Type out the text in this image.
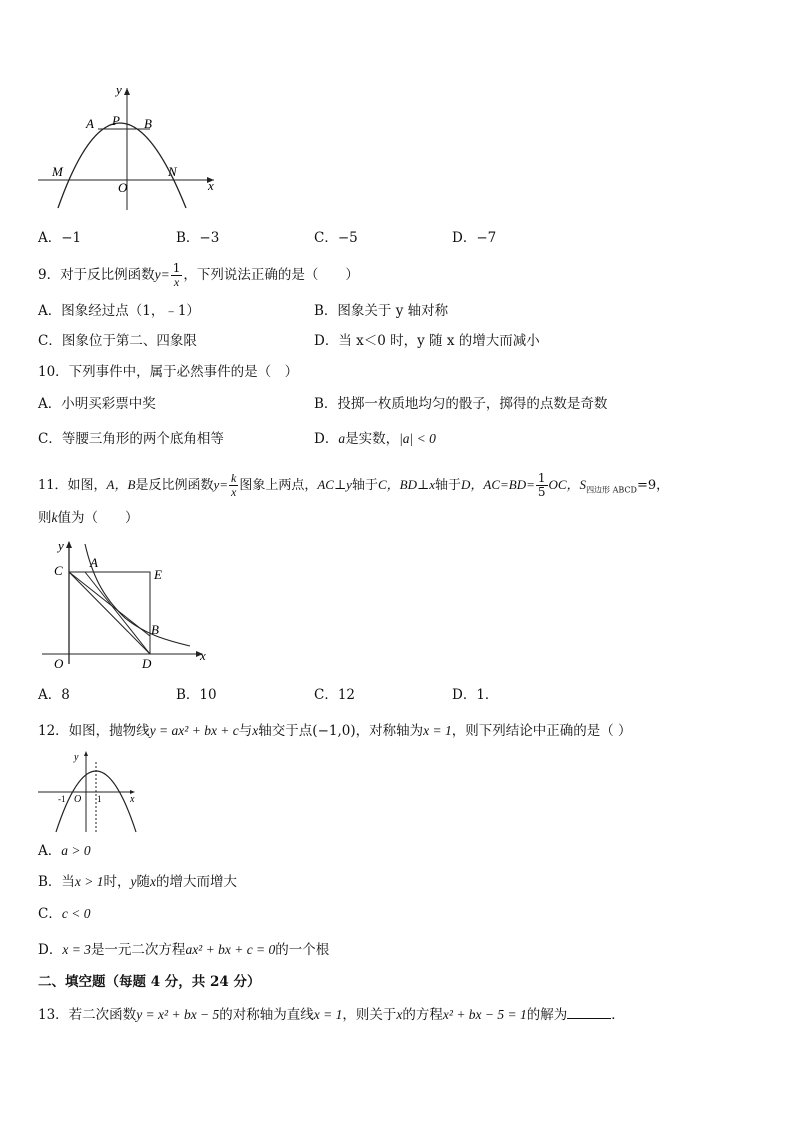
y
x
A P B
M	N
O
A．−1	B．−3	C．−5	D．−7
9．对于反比例函数$y= \frac{1}{x}$ ，下列说法正确的是（　　）
A．图象经过点（1，﹣1）	B．图象关于 y 轴对称
C．图象位于第二、四象限	D．当 x＜0 时，y 随 x 的增大而减小
10．下列事件中，属于必然事件的是（　）
A．小明买彩票中奖	B．投掷一枚质地均匀的骰子，掷得的点数是奇数
C．等腰三角形的两个底角相等	D．a是实数，|a| < 0
11．如图，A，B是反比例函数$y= \frac{k}{x}$ 图象上两点，AC⊥y轴于C，BD⊥x轴于D，$AC=BD= \frac{1}{5}$ OC，$S_{四边形 ABCD}=9$，
则k值为（　　）
y
x
C
A
E
B
O	D
A．8	B．10	C．12	D．1．
12．如图，抛物线y = ax² + bx + c与x轴交于点(−1,0)，对称轴为x = 1，则下列结论中正确的是（ ）
y
x
-1 O 1
A．a > 0
B．当x > 1时，y随x的增大而增大
C．c < 0
D．x = 3是一元二次方程ax² + bx + c = 0的一个根
二、填空题（每题 4 分，共 24 分）
13．若二次函数y = x² + bx − 5的对称轴为直线x = 1，则关于x的方程x² + bx − 5 = 1的解为	．
